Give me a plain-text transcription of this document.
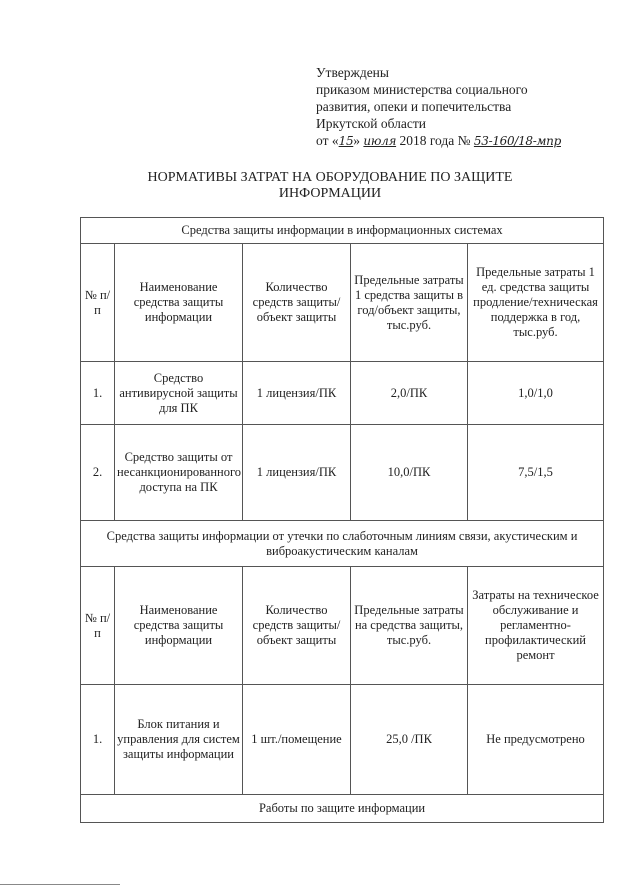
Утверждены
приказом министерства социального
развития, опеки и попечительства
Иркутской области
от «15» июля 2018 года № 53-160/18-мпр
НОРМАТИВЫ ЗАТРАТ НА ОБОРУДОВАНИЕ ПО ЗАЩИТЕ ИНФОРМАЦИИ
Средства защиты информации в информационных системах				
№ п/п	Наименование средства защиты информации	Количество средств защиты/объект защиты	Предельные затраты 1 средства защиты в год/объект защиты, тыс.руб.	Предельные затраты 1 ед. средства защиты продление/техническая поддержка в год, тыс.руб.
1.	Средство антивирусной защиты для ПК	1 лицензия/ПК	2,0/ПК	1,0/1,0
2.	Средство защиты от несанкционированного доступа на ПК	1 лицензия/ПК	10,0/ПК	7,5/1,5
Средства защиты информации от утечки по слаботочным линиям связи, акустическим и виброакустическим каналам				
№ п/п	Наименование средства защиты информации	Количество средств защиты/объект защиты	Предельные затраты на средства защиты, тыс.руб.	Затраты на техническое обслуживание и регламентно-профилактический ремонт
1.	Блок питания и управления для систем защиты информации	1 шт./помещение	25,0 /ПК	Не предусмотрено
Работы по защите информации				
